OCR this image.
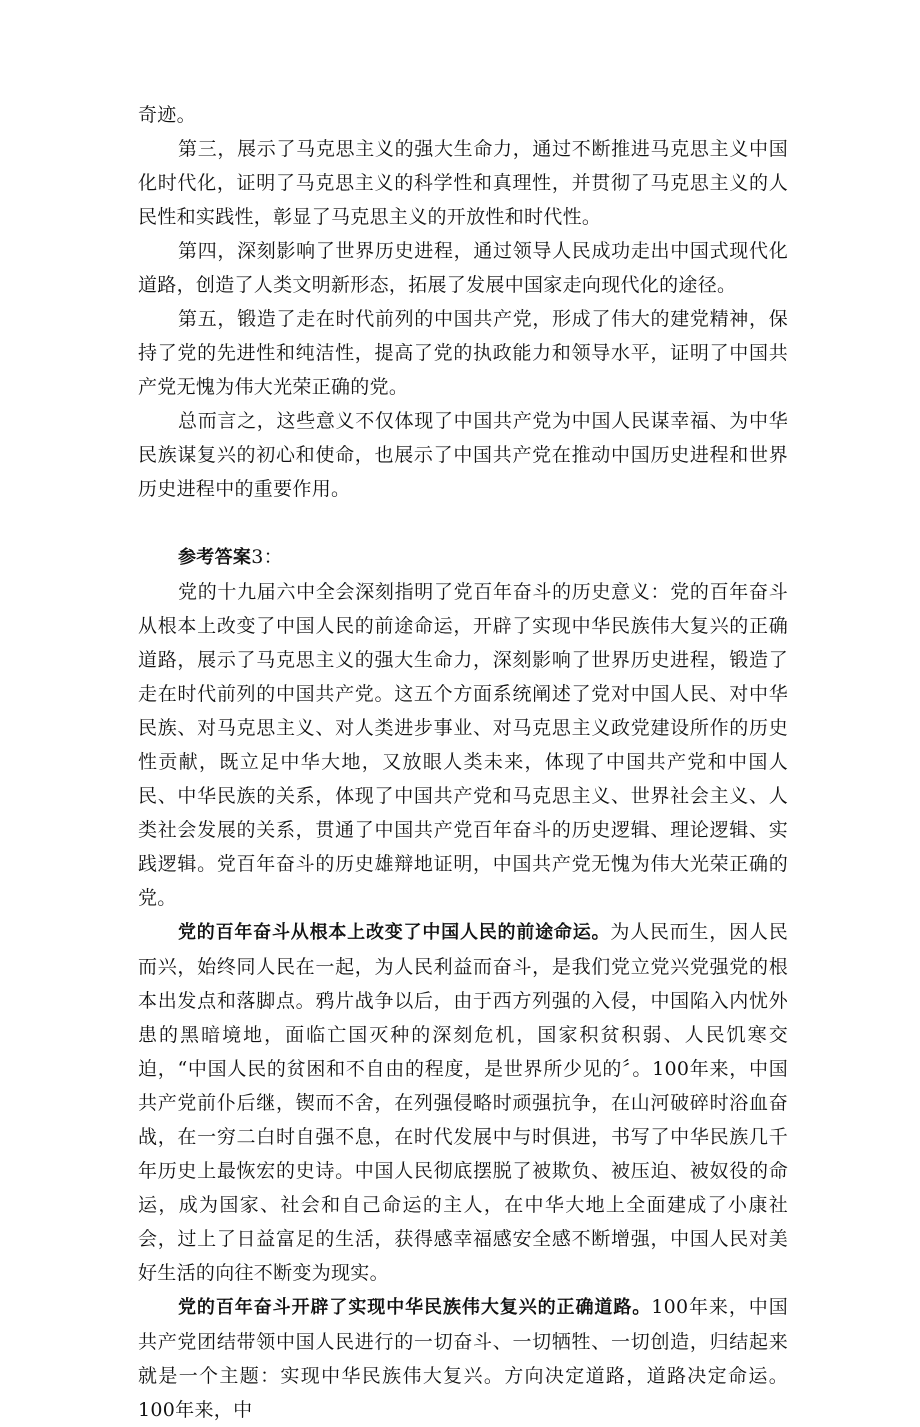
奇迹。

第三，展示了马克思主义的强大生命力，通过不断推进马克思主义中国化时代化，证明了马克思主义的科学性和真理性，并贯彻了马克思主义的人民性和实践性，彰显了马克思主义的开放性和时代性。

第四，深刻影响了世界历史进程，通过领导人民成功走出中国式现代化道路，创造了人类文明新形态，拓展了发展中国家走向现代化的途径。

第五，锻造了走在时代前列的中国共产党，形成了伟大的建党精神，保持了党的先进性和纯洁性，提高了党的执政能力和领导水平，证明了中国共产党无愧为伟大光荣正确的党。

总而言之，这些意义不仅体现了中国共产党为中国人民谋幸福、为中华民族谋复兴的初心和使命，也展示了中国共产党在推动中国历史进程和世界历史进程中的重要作用。

参考答案3：

党的十九届六中全会深刻指明了党百年奋斗的历史意义：党的百年奋斗从根本上改变了中国人民的前途命运，开辟了实现中华民族伟大复兴的正确道路，展示了马克思主义的强大生命力，深刻影响了世界历史进程，锻造了走在时代前列的中国共产党。这五个方面系统阐述了党对中国人民、对中华民族、对马克思主义、对人类进步事业、对马克思主义政党建设所作的历史性贡献，既立足中华大地，又放眼人类未来，体现了中国共产党和中国人民、中华民族的关系，体现了中国共产党和马克思主义、世界社会主义、人类社会发展的关系，贯通了中国共产党百年奋斗的历史逻辑、理论逻辑、实践逻辑。党百年奋斗的历史雄辩地证明，中国共产党无愧为伟大光荣正确的党。

党的百年奋斗从根本上改变了中国人民的前途命运。为人民而生，因人民而兴，始终同人民在一起，为人民利益而奋斗，是我们党立党兴党强党的根本出发点和落脚点。鸦片战争以后，由于西方列强的入侵，中国陷入内忧外患的黑暗境地，面临亡国灭种的深刻危机，国家积贫积弱、人民饥寒交迫，“中国人民的贫困和不自由的程度，是世界所少见的〞。100年来，中国共产党前仆后继，锲而不舍，在列强侵略时顽强抗争，在山河破碎时浴血奋战，在一穷二白时自强不息，在时代发展中与时俱进，书写了中华民族几千年历史上最恢宏的史诗。中国人民彻底摆脱了被欺负、被压迫、被奴役的命运，成为国家、社会和自己命运的主人，在中华大地上全面建成了小康社会，过上了日益富足的生活，获得感幸福感安全感不断增强，中国人民对美好生活的向往不断变为现实。

党的百年奋斗开辟了实现中华民族伟大复兴的正确道路。100年来，中国共产党团结带领中国人民进行的一切奋斗、一切牺牲、一切创造，归结起来就是一个主题：实现中华民族伟大复兴。方向决定道路，道路决定命运。100年来，中
